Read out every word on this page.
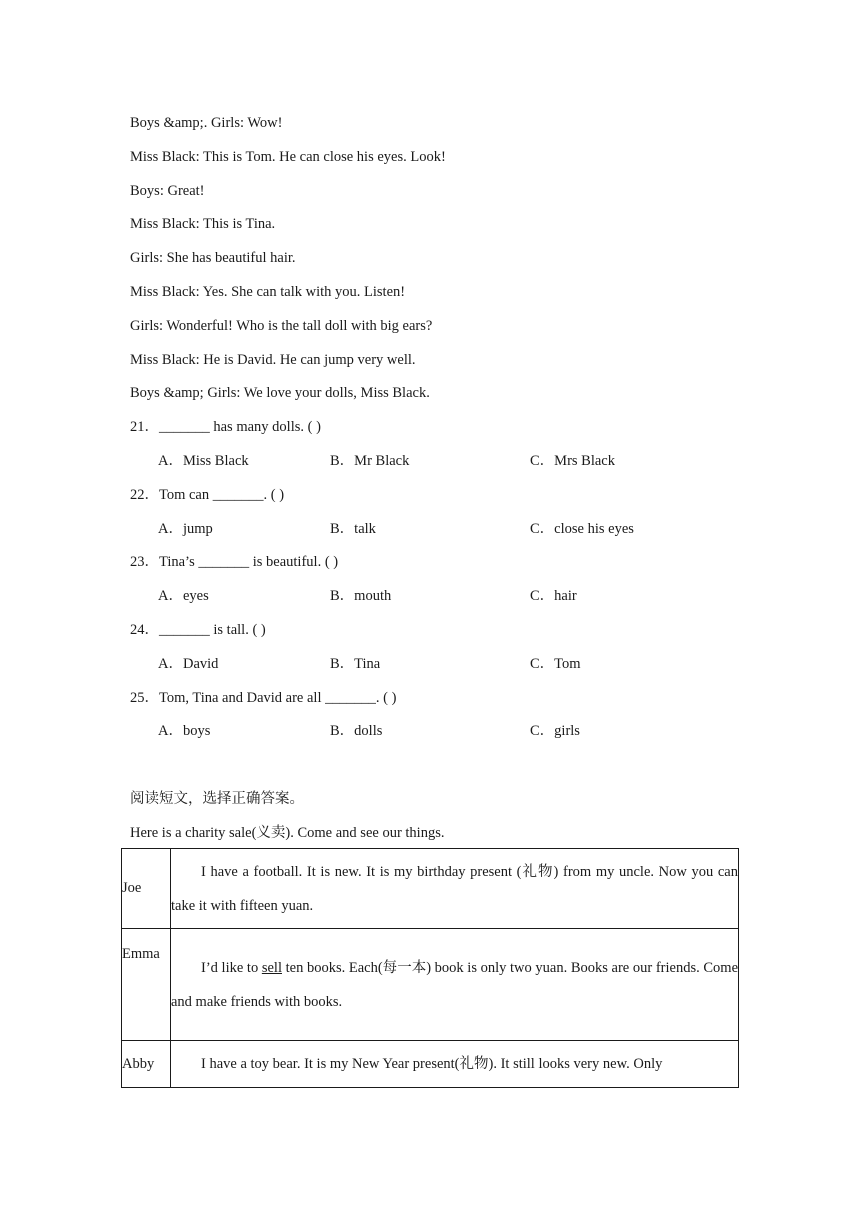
Boys &amp;. Girls: Wow!
Miss Black: This is Tom. He can close his eyes. Look!
Boys: Great!
Miss Black: This is Tina.
Girls: She has beautiful hair.
Miss Black: Yes. She can talk with you. Listen!
Girls: Wonderful! Who is the tall doll with big ears?
Miss Black: He is David. He can jump very well.
Boys &amp; Girls: We love your dolls, Miss Black.
21．_______ has many dolls. ( )
A．Miss Black	B．Mr Black	C．Mrs Black
22．Tom can _______. ( )
A．jump	B．talk	C．close his eyes
23．Tina’s _______ is beautiful. ( )
A．eyes	B．mouth	C．hair
24．_______ is tall. ( )
A．David	B．Tina	C．Tom
25．Tom, Tina and David are all _______. ( )
A．boys	B．dolls	C．girls
阅读短文，选择正确答案。
Here is a charity sale(义卖). Come and see our things.
Joe	I have a football. It is new. It is my birthday present (礼物) from my uncle. Now you can take it with fifteen yuan.
Emma	I’d like to sell ten books. Each(每一本) book is only two yuan. Books are our friends. Come and make friends with books.
Abby	I have a toy bear. It is my New Year present(礼物). It still looks very new. Only
